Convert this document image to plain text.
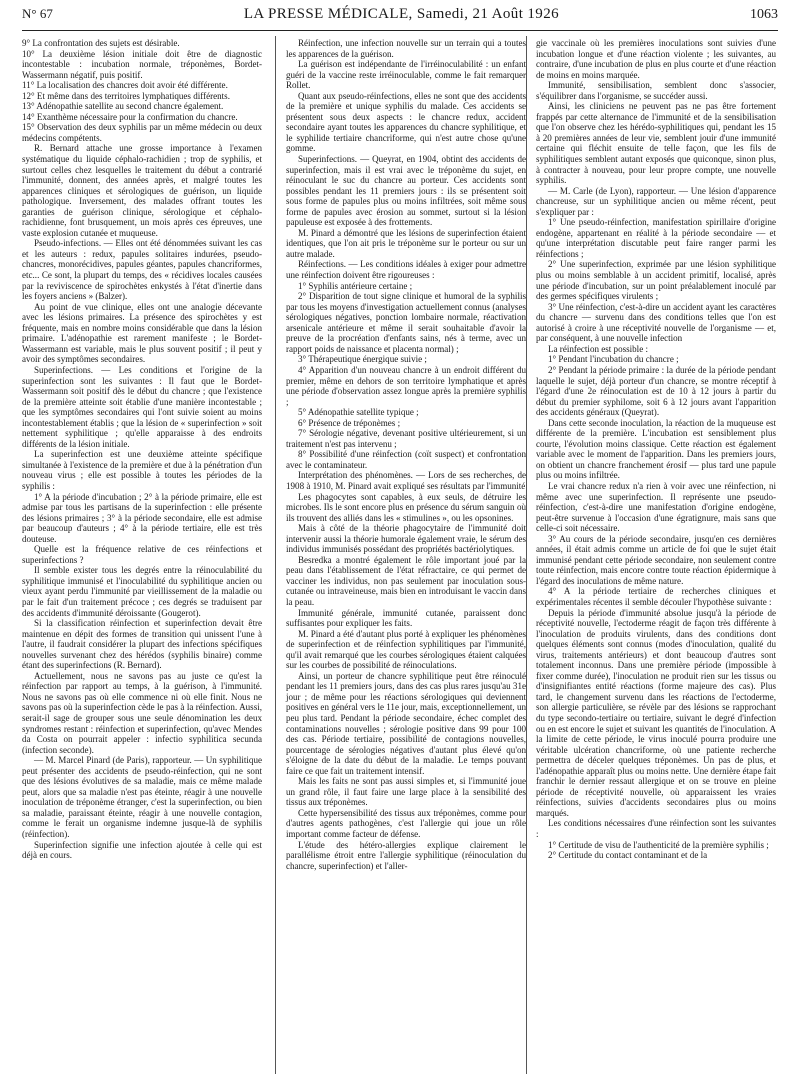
N° 67	LA PRESSE MÉDICALE, Samedi, 21 Août 1926	1063

9° La confrontation des sujets est désirable.

10° La deuxième lésion initiale doit être de diagnostic incontestable : incubation normale, tréponèmes, Bordet-Wassermann négatif, puis positif.

11° La localisation des chancres doit avoir été différente.

12° Et même dans des territoires lymphatiques différents.

13° Adénopathie satellite au second chancre également.

14° Exanthème nécessaire pour la confirmation du chancre.

15° Observation des deux syphilis par un même médecin ou deux médecins compétents.

R. Bernard attache une grosse importance à l'examen systématique du liquide céphalo-rachidien ; trop de syphilis, et surtout celles chez lesquelles le traitement du début a contrarié l'immunité, donnent, des années après, et malgré toutes les apparences cliniques et sérologiques de guérison, un liquide pathologique. Inversement, des malades offrant toutes les garanties de guérison clinique, sérologique et céphalo-rachidienne, font brusquement, un mois après ces épreuves, une vaste explosion cutanée et muqueuse.

Pseudo-infections. — Elles ont été dénommées suivant les cas et les auteurs : redux, papules solitaires indurées, pseudo-chancres, monorécidives, papules géantes, papules chancriformes, etc... Ce sont, la plupart du temps, des « récidives locales causées par la reviviscence de spirochètes enkystés à l'état d'inertie dans les foyers anciens » (Balzer).

Au point de vue clinique, elles ont une analogie décevante avec les lésions primaires. La présence des spirochètes y est fréquente, mais en nombre moins considérable que dans la lésion primaire. L'adénopathie est rarement manifeste ; le Bordet-Wassermann est variable, mais le plus souvent positif ; il peut y avoir des symptômes secondaires.

Superinfections. — Les conditions et l'origine de la superinfection sont les suivantes : Il faut que le Bordet-Wassermann soit positif dès le début du chancre ; que l'existence de la première atteinte soit établie d'une manière incontestable ; que les symptômes secondaires qui l'ont suivie soient au moins incontestablement établis ; que la lésion de « superinfection » soit nettement syphilitique ; qu'elle apparaisse à des endroits différents de la lésion initiale.

La superinfection est une deuxième atteinte spécifique simultanée à l'existence de la première et due à la pénétration d'un nouveau virus ; elle est possible à toutes les périodes de la syphilis :

1° A la période d'incubation ; 2° à la période primaire, elle est admise par tous les partisans de la superinfection : elle présente des lésions primaires ; 3° à la période secondaire, elle est admise par beaucoup d'auteurs ; 4° à la période tertiaire, elle est très douteuse.

Quelle est la fréquence relative de ces réinfections et superinfections ?

Il semble exister tous les degrés entre la réinoculabilité du syphilitique immunisé et l'inoculabilité du syphilitique ancien ou vieux ayant perdu l'immunité par vieillissement de la maladie ou par le fait d'un traitement précoce ; ces degrés se traduisent par des accidents d'immunité déroissante (Gougerot).

Si la classification réinfection et superinfection devait être maintenue en dépit des formes de transition qui unissent l'une à l'autre, il faudrait considérer la plupart des infections spécifiques nouvelles survenant chez des hérédos (syphilis binaire) comme étant des superinfections (R. Bernard).

Actuellement, nous ne savons pas au juste ce qu'est la réinfection par rapport au temps, à la guérison, à l'immunité. Nous ne savons pas où elle commence ni où elle finit. Nous ne savons pas où la superinfection cède le pas à la réinfection. Aussi, serait-il sage de grouper sous une seule dénomination les deux syndromes restant : réinfection et superinfection, qu'avec Mendes da Costa on pourrait appeler : infectio syphilitica secunda (infection seconde).

— M. Marcel Pinard (de Paris), rapporteur. — Un syphilitique peut présenter des accidents de pseudo-réinfection, qui ne sont que des lésions évolutives de sa maladie, mais ce même malade peut, alors que sa maladie n'est pas éteinte, réagir à une nouvelle inoculation de tréponème étranger, c'est la superinfection, ou bien sa maladie, paraissant éteinte, réagir à une nouvelle contagion, comme le ferait un organisme indemne jusque-là de syphilis (réinfection).

Superinfection signifie une infection ajoutée à celle qui est déjà en cours.

Réinfection, une infection nouvelle sur un terrain qui a toutes les apparences de la guérison.

La guérison est indépendante de l'irréinoculabilité : un enfant guéri de la vaccine reste irréinoculable, comme le fait remarquer Rollet.

Quant aux pseudo-réinfections, elles ne sont que des accidents de la première et unique syphilis du malade. Ces accidents se présentent sous deux aspects : le chancre redux, accident secondaire ayant toutes les apparences du chancre syphilitique, et le syphilide tertiaire chancriforme, qui n'est autre chose qu'une gomme.

Superinfections. — Queyrat, en 1904, obtint des accidents de superinfection, mais il est vrai avec le tréponème du sujet, en réinoculant le suc du chancre au porteur. Ces accidents sont possibles pendant les 11 premiers jours : ils se présentent soit sous forme de papules plus ou moins infiltrées, soit même sous forme de papules avec érosion au sommet, surtout si la lésion papuleuse est exposée à des frottements.

M. Pinard a démontré que les lésions de superinfection étaient identiques, que l'on ait pris le tréponème sur le porteur ou sur un autre malade.

Réinfections. — Les conditions idéales à exiger pour admettre une réinfection doivent être rigoureuses :

1° Syphilis antérieure certaine ;

2° Disparition de tout signe clinique et humoral de la syphilis par tous les moyens d'investigation actuellement connus (analyses sérologiques négatives, ponction lombaire normale, réactivation arsenicale antérieure et même il serait souhaitable d'avoir la preuve de la procréation d'enfants sains, nés à terme, avec un rapport poids de naissance et placenta normal) ;

3° Thérapeutique énergique suivie ;

4° Apparition d'un nouveau chancre à un endroit différent du premier, même en dehors de son territoire lymphatique et après une période d'observation assez longue après la première syphilis ;

5° Adénopathie satellite typique ;

6° Présence de tréponèmes ;

7° Sérologie négative, devenant positive ultérieurement, si un traitement n'est pas intervenu ;

8° Possibilité d'une réinfection (coït suspect) et confrontation avec le contaminateur.

Interprétation des phénomènes. — Lors de ses recherches, de 1908 à 1910, M. Pinard avait expliqué ses résultats par l'immunité

Les phagocytes sont capables, à eux seuls, de détruire les microbes. Ils le sont encore plus en présence du sérum sanguin où ils trouvent des alliés dans les « stimulines », ou les opsonines.

Mais à côté de la théorie phagocytaire de l'immunité doit intervenir aussi la théorie humorale également vraie, le sérum des individus immunisés possédant des propriétés bactériolytiques.

Besredka a montré également le rôle important joué par la peau dans l'établissement de l'état réfractaire, ce qui permet de vacciner les individus, non pas seulement par inoculation sous-cutanée ou intraveineuse, mais bien en introduisant le vaccin dans la peau.

Immunité générale, immunité cutanée, paraissent donc suffisantes pour expliquer les faits.

M. Pinard a été d'autant plus porté à expliquer les phénomènes de superinfection et de réinfection syphilitiques par l'immunité, qu'il avait remarqué que les courbes sérologiques étaient calquées sur les courbes de possibilité de réinoculations.

Ainsi, un porteur de chancre syphilitique peut être réinoculé pendant les 11 premiers jours, dans des cas plus rares jusqu'au 31e jour ; de même pour les réactions sérologiques qui deviennent positives en général vers le 11e jour, mais, exceptionnellement, un peu plus tard. Pendant la période secondaire, échec complet des contaminations nouvelles ; sérologie positive dans 99 pour 100 des cas. Période tertiaire, possibilité de contagions nouvelles, pourcentage de sérologies négatives d'autant plus élevé qu'on s'éloigne de la date du début de la maladie. Le temps pouvant faire ce que fait un traitement intensif.

Mais les faits ne sont pas aussi simples et, si l'immunité joue un grand rôle, il faut faire une large place à la sensibilité des tissus aux tréponèmes.

Cette hypersensibilité des tissus aux tréponèmes, comme pour d'autres agents pathogènes, c'est l'allergie qui joue un rôle important comme facteur de défense.

L'étude des hétéro-allergies explique clairement le parallélisme étroit entre l'allergie syphilitique (réinoculation du chancre, superinfection) et l'aller-

gie vaccinale où les premières inoculations sont suivies d'une incubation longue et d'une réaction violente ; les suivantes, au contraire, d'une incubation de plus en plus courte et d'une réaction de moins en moins marquée.

Immunité, sensibilisation, semblent donc s'associer, s'équilibrer dans l'organisme, se succéder aussi.

Ainsi, les cliniciens ne peuvent pas ne pas être fortement frappés par cette alternance de l'immunité et de la sensibilisation que l'on observe chez les hérédo-syphilitiques qui, pendant les 15 à 20 premières années de leur vie, semblent jouir d'une immunité certaine qui fléchit ensuite de telle façon, que les fils de syphilitiques semblent autant exposés que quiconque, sinon plus, à contracter à nouveau, pour leur propre compte, une nouvelle syphilis.

— M. Carle (de Lyon), rapporteur. — Une lésion d'apparence chancreuse, sur un syphilitique ancien ou même récent, peut s'expliquer par :

1° Une pseudo-réinfection, manifestation spirillaire d'origine endogène, appartenant en réalité à la période secondaire — et qu'une interprétation discutable peut faire ranger parmi les réinfections ;

2° Une superinfection, exprimée par une lésion syphilitique plus ou moins semblable à un accident primitif, localisé, après une période d'incubation, sur un point préalablement inoculé par des germes spécifiques virulents ;

3° Une réinfection, c'est-à-dire un accident ayant les caractères du chancre — survenu dans des conditions telles que l'on est autorisé à croire à une réceptivité nouvelle de l'organisme — et, par conséquent, à une nouvelle infection

La réinfection est possible :

1° Pendant l'incubation du chancre ;

2° Pendant la période primaire : la durée de la période pendant laquelle le sujet, déjà porteur d'un chancre, se montre réceptif à l'égard d'une 2e réinoculation est de 10 à 12 jours à partir du début du premier syphilome, soit 6 à 12 jours avant l'apparition des accidents généraux (Queyrat).

Dans cette seconde inoculation, la réaction de la muqueuse est différente de la première. L'incubation est sensiblement plus courte, l'évolution moins classique. Cette réaction est également variable avec le moment de l'apparition. Dans les premiers jours, on obtient un chancre franchement érosif — plus tard une papule plus ou moins infiltrée.

Le vrai chancre redux n'a rien à voir avec une réinfection, ni même avec une superinfection. Il représente une pseudo-réinfection, c'est-à-dire une manifestation d'origine endogène, peut-être survenue à l'occasion d'une égratignure, mais sans que celle-ci soit nécessaire.

3° Au cours de la période secondaire, jusqu'en ces dernières années, il était admis comme un article de foi que le sujet était immunisé pendant cette période secondaire, non seulement contre toute réinfection, mais encore contre toute réaction épidermique à l'égard des inoculations de même nature.

4° A la période tertiaire de recherches cliniques et expérimentales récentes il semble découler l'hypothèse suivante :

Depuis la période d'immunité absolue jusqu'à la période de réceptivité nouvelle, l'ectoderme réagit de façon très différente à l'inoculation de produits virulents, dans des conditions dont quelques éléments sont connus (modes d'inoculation, qualité du virus, traitements antérieurs) et dont beaucoup d'autres sont totalement inconnus. Dans une première période (impossible à fixer comme durée), l'inoculation ne produit rien sur les tissus ou d'insignifiantes entité réactions (forme majeure des cas). Plus tard, le changement survenu dans les réactions de l'ectoderme, son allergie particulière, se révèle par des lésions se rapprochant du type secondo-tertiaire ou tertiaire, suivant le degré d'infection ou en est encore le sujet et suivant les quantités de l'inoculation. A la limite de cette période, le virus inoculé pourra produire une véritable ulcération chancriforme, où une patiente recherche permettra de déceler quelques tréponèmes. Un pas de plus, et l'adénopathie apparaît plus ou moins nette. Une dernière étape fait franchir le dernier ressaut allergique et on se trouve en pleine période de réceptivité nouvelle, où apparaissent les vraies réinfections, suivies d'accidents secondaires plus ou moins marqués.

Les conditions nécessaires d'une réinfection sont les suivantes :

1° Certitude de visu de l'authenticité de la première syphilis ;

2° Certitude du contact contaminant et de la
